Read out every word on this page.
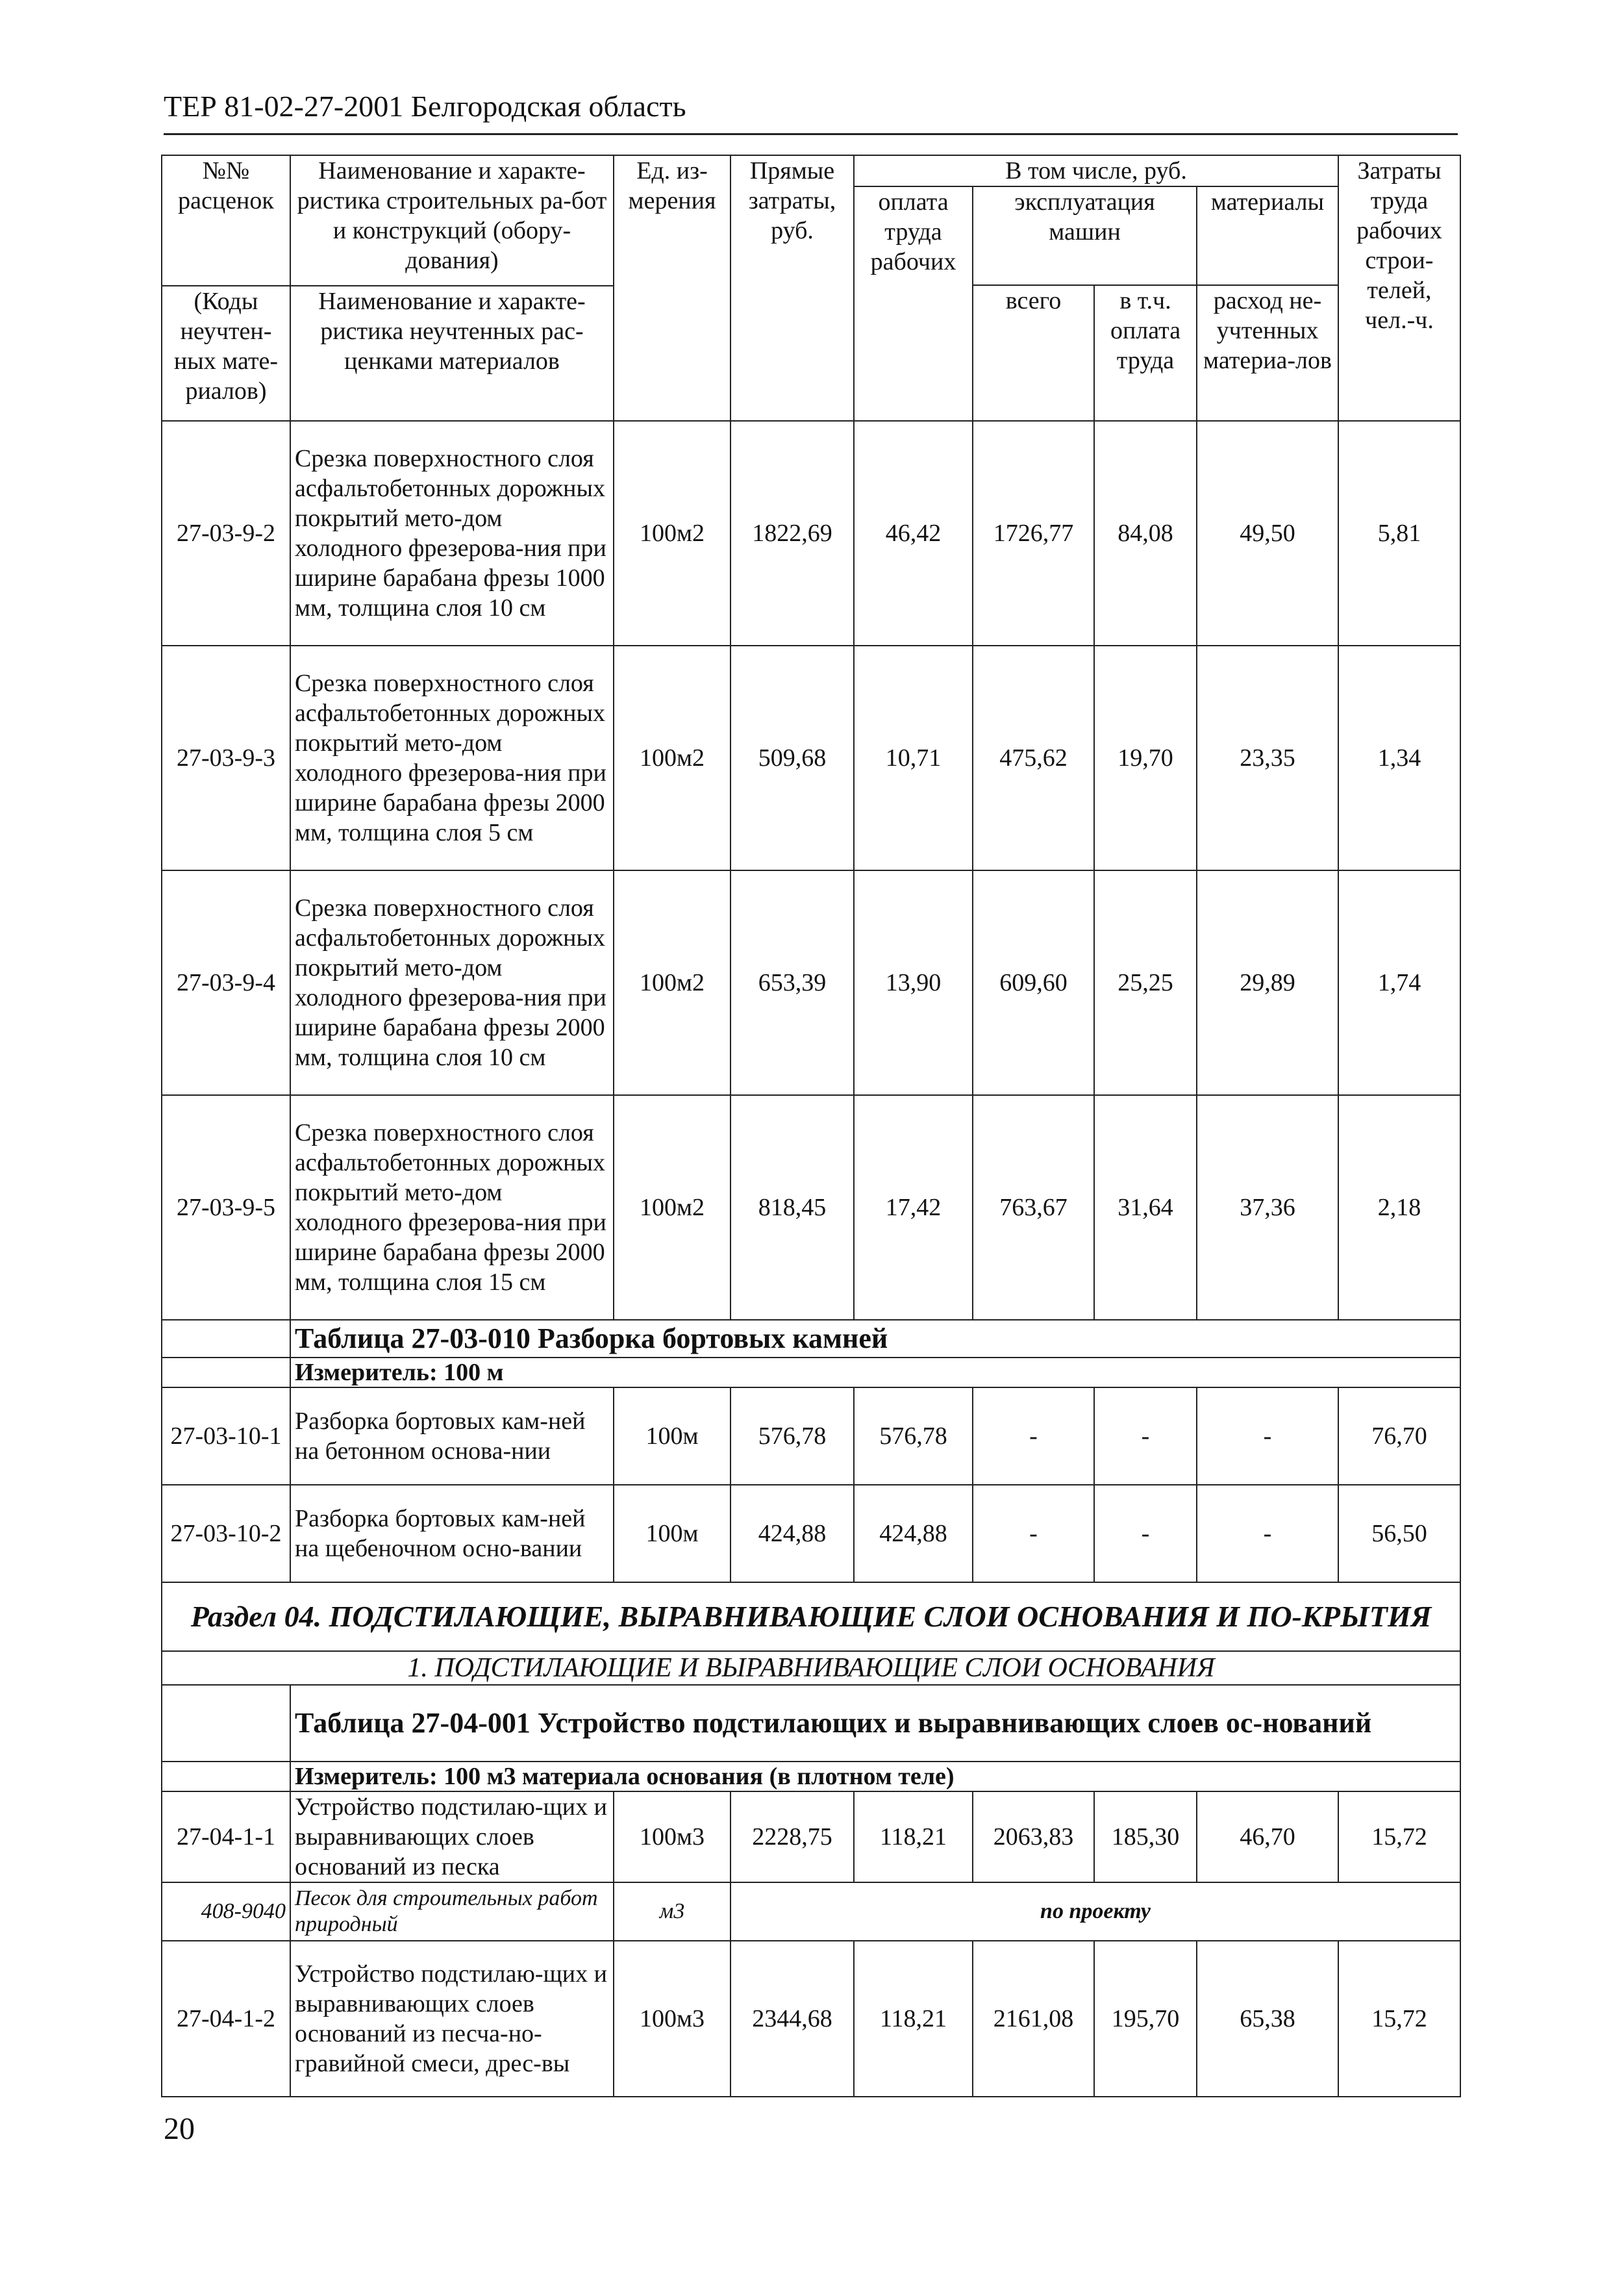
ТЕР 81-02-27-2001 Белгородская область
№№ расценок	Наименование и характе-ристика строительных ра-бот и конструкций (обору-дования)	Ед. из-мерения	Прямые затраты, руб.	В том числе, руб.				Затраты труда рабочих строи-телей, чел.-ч.
				оплата труда рабочих	эксплуатация машин		материалы	
					всего	в т.ч. оплата труда	расход не-учтенных материа-лов	
(Коды неучтен-ных мате-риалов)	Наименование и характе-ристика неучтенных рас-ценками материалов							
27-03-9-2	Срезка поверхностного слоя асфальтобетонных дорожных покрытий мето-дом холодного фрезерова-ния при ширине барабана фрезы 1000 мм, толщина слоя 10 см	100м2	1822,69	46,42	1726,77	84,08	49,50	5,81
27-03-9-3	Срезка поверхностного слоя асфальтобетонных дорожных покрытий мето-дом холодного фрезерова-ния при ширине барабана фрезы 2000 мм, толщина слоя 5 см	100м2	509,68	10,71	475,62	19,70	23,35	1,34
27-03-9-4	Срезка поверхностного слоя асфальтобетонных дорожных покрытий мето-дом холодного фрезерова-ния при ширине барабана фрезы 2000 мм, толщина слоя 10 см	100м2	653,39	13,90	609,60	25,25	29,89	1,74
27-03-9-5	Срезка поверхностного слоя асфальтобетонных дорожных покрытий мето-дом холодного фрезерова-ния при ширине барабана фрезы 2000 мм, толщина слоя 15 см	100м2	818,45	17,42	763,67	31,64	37,36	2,18
	Таблица 27-03-010 Разборка бортовых камней							
	Измеритель: 100 м							
27-03-10-1	Разборка бортовых кам-ней на бетонном основа-нии	100м	576,78	576,78	-	-	-	76,70
27-03-10-2	Разборка бортовых кам-ней на щебеночном осно-вании	100м	424,88	424,88	-	-	-	56,50
Раздел 04. ПОДСТИЛАЮЩИЕ, ВЫРАВНИВАЮЩИЕ СЛОИ ОСНОВАНИЯ И ПО-КРЫТИЯ								
1. ПОДСТИЛАЮЩИЕ И ВЫРАВНИВАЮЩИЕ СЛОИ ОСНОВАНИЯ								
	Таблица 27-04-001 Устройство подстилающих и выравнивающих слоев ос-нований							
	Измеритель: 100 м3 материала основания (в плотном теле)							
27-04-1-1	Устройство подстилаю-щих и выравнивающих слоев оснований из песка	100м3	2228,75	118,21	2063,83	185,30	46,70	15,72
408-9040	Песок для строительных работ природный	м3	по проекту					
27-04-1-2	Устройство подстилаю-щих и выравнивающих слоев оснований из песча-но-гравийной смеси, дрес-вы	100м3	2344,68	118,21	2161,08	195,70	65,38	15,72
20
